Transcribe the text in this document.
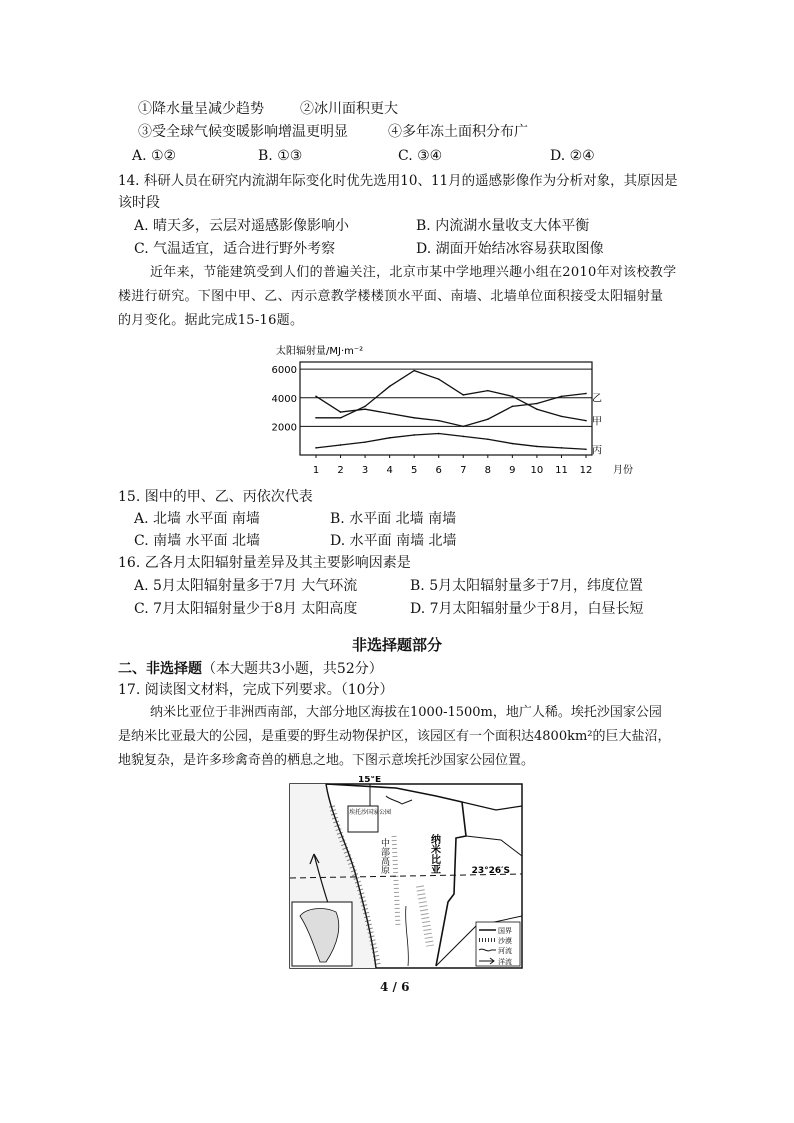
①降水量呈减少趋势	②冰川面积更大
③受全球气候变暖影响增温更明显	④多年冻土面积分布广
A. ①②	B. ①③	C. ③④	D. ②④
14. 科研人员在研究内流湖年际变化时优先选用10、11月的遥感影像作为分析对象，其原因是
该时段
A. 晴天多，云层对遥感影像影响小	B. 内流湖水量收支大体平衡
C. 气温适宜，适合进行野外考察	D. 湖面开始结冰容易获取图像
近年来，节能建筑受到人们的普遍关注，北京市某中学地理兴趣小组在2010年对该校教学
楼进行研究。下图中甲、乙、丙示意教学楼楼顶水平面、南墙、北墙单位面积接受太阳辐射量
的月变化。据此完成15-16题。
太阳辐射量/MJ·m⁻²
2000
4000
6000
甲
乙
丙
1 2 3 4 5 6 7 8 9 10 11 12 月份
15. 图中的甲、乙、丙依次代表
A. 北墙 水平面 南墙	B. 水平面 北墙 南墙
C. 南墙 水平面 北墙	D. 水平面 南墙 北墙
16. 乙各月太阳辐射量差异及其主要影响因素是
A. 5月太阳辐射量多于7月 大气环流	B. 5月太阳辐射量多于7月，纬度位置
C. 7月太阳辐射量少于8月 太阳高度	D. 7月太阳辐射量少于8月，白昼长短
非选择题部分
二、非选择题（本大题共3小题，共52分）
17. 阅读图文材料，完成下列要求。（10分）
纳米比亚位于非洲西南部，大部分地区海拔在1000-1500m，地广人稀。埃托沙国家公园
是纳米比亚最大的公园，是重要的野生动物保护区，该园区有一个面积达4800km²的巨大盐沼，
地貌复杂，是许多珍禽奇兽的栖息之地。下图示意埃托沙国家公园位置。
15°E
23°26′S
埃托沙国家公园
中部高原	纳米比亚
国界
沙漠
河流
洋流
4 / 6
